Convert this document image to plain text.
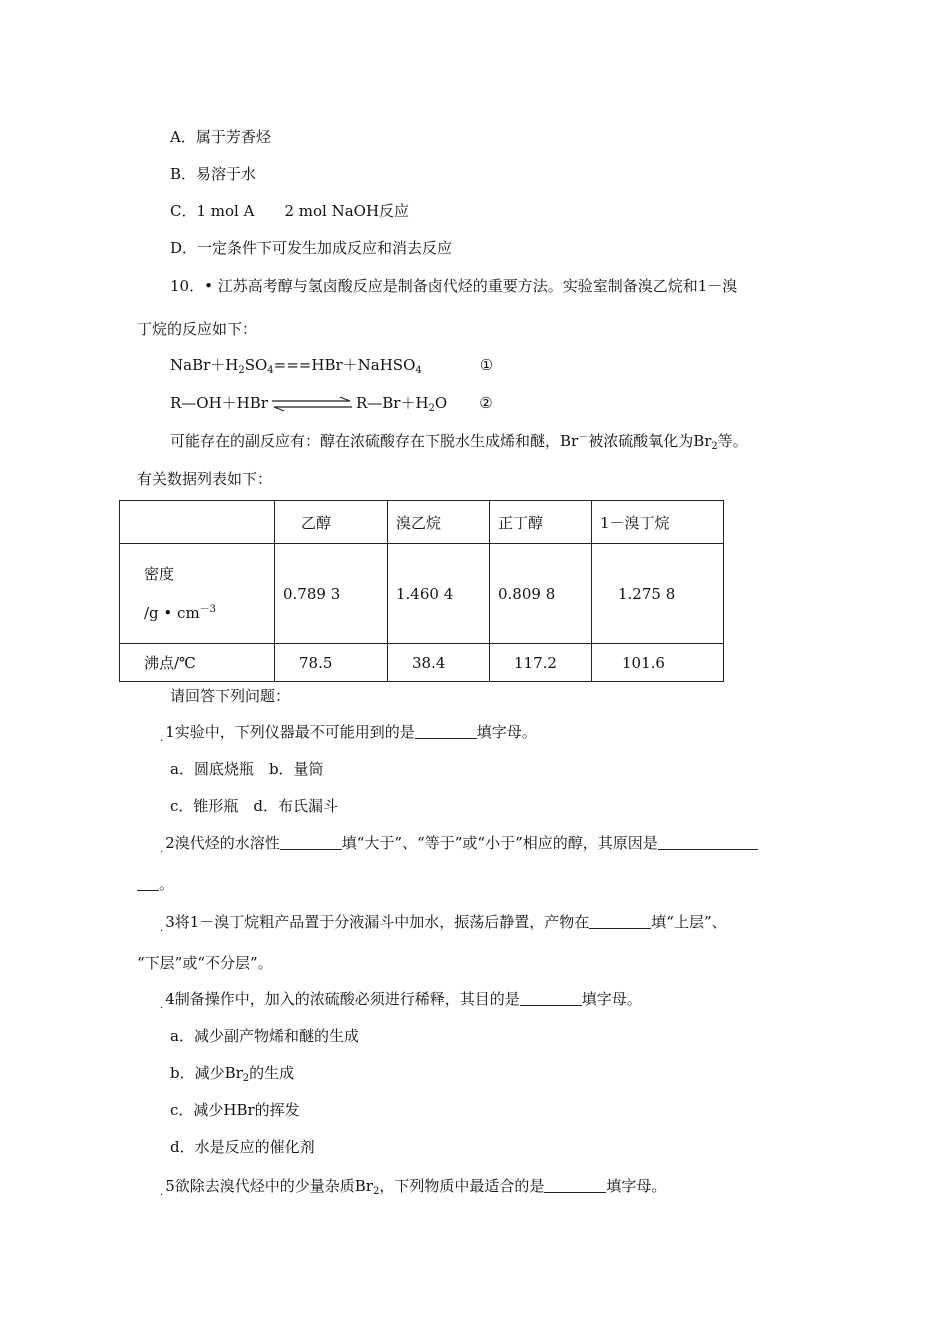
A．属于芳香烃
B．易溶于水
C．1 mol A　　2 mol NaOH反应
D．一定条件下可发生加成反应和消去反应
10．• 江苏高考醇与氢卤酸反应是制备卤代烃的重要方法。实验室制备溴乙烷和1－溴
丁烷的反应如下：
$NaBr+H_2SO_4===HBr+NaHSO_4$	①
R—OH＋HBr	$R—Br+H_2O$ ②
可能存在的副反应有：醇在浓硫酸存在下脱水生成烯和醚，Br－被浓硫酸氧化为$Br_2$等。
有关数据列表如下：
	乙醇	溴乙烷	正丁醇	1－溴丁烷

密度
/g • $cm^{-3}$	0.789 3	1.460 4	0.809 8	1.275 8
沸点/℃	78.5	38.4	117.2	101.6
请回答下列问题：
$_.$ 1实验中，下列仪器最不可能用到的是	填字母。
a．圆底烧瓶　b．量筒
c．锥形瓶　d．布氏漏斗
$_.$ 2溴代烃的水溶性	填“大于”、“等于”或“小于”相应的醇，其原因是
。
$_.$ 3将1－溴丁烷粗产品置于分液漏斗中加水，振荡后静置，产物在	填“上层”、
“下层”或“不分层”。
$_.$ 4制备操作中，加入的浓硫酸必须进行稀释，其目的是	填字母。
a．减少副产物烯和醚的生成
b．减少$Br_2$的生成
c．减少HBr的挥发
d．水是反应的催化剂
$_.$ 5欲除去溴代烃中的少量杂质$Br_2$，下列物质中最适合的是	填字母。
